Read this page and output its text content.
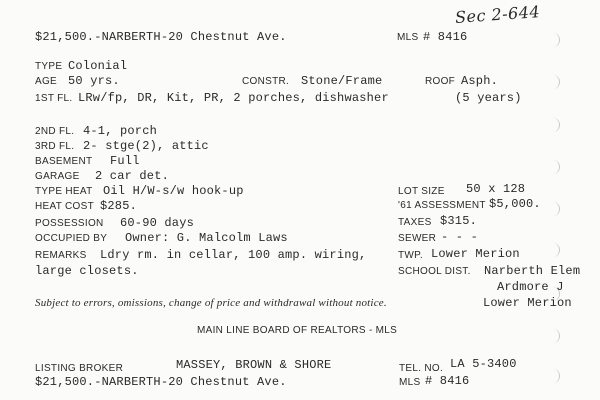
Sec 2-644
$21,500.-NARBERTH-20 Chestnut Ave.	MLS # 8416
TYPE Colonial
AGE 50 yrs.	CONSTR. Stone/Frame	ROOF Asph.
1ST FL. LRw/fp, DR, Kit, PR, 2 porches, dishwasher	(5 years)
2ND FL. 4-1, porch
3RD FL. 2- stge(2), attic
BASEMENT Full
GARAGE 2 car det.
TYPE HEAT Oil H/W-s/w hook-up
HEAT COST $285.
POSSESSION 60-90 days
OCCUPIED BY Owner: G. Malcolm Laws
REMARKS Ldry rm. in cellar, 100 amp. wiring,
large closets.
LOT SIZE 50 x 128
'61 ASSESSMENT $5,000.
TAXES $315.
SEWER - - -
TWP. Lower Merion
SCHOOL DIST. Narberth Elem
Ardmore J
Lower Merion
Subject to errors, omissions, change of price and withdrawal without notice.
MAIN LINE BOARD OF REALTORS - MLS
LISTING BROKER	MASSEY, BROWN & SHORE	TEL. NO. LA 5-3400
$21,500.-NARBERTH-20 Chestnut Ave.	MLS # 8416
